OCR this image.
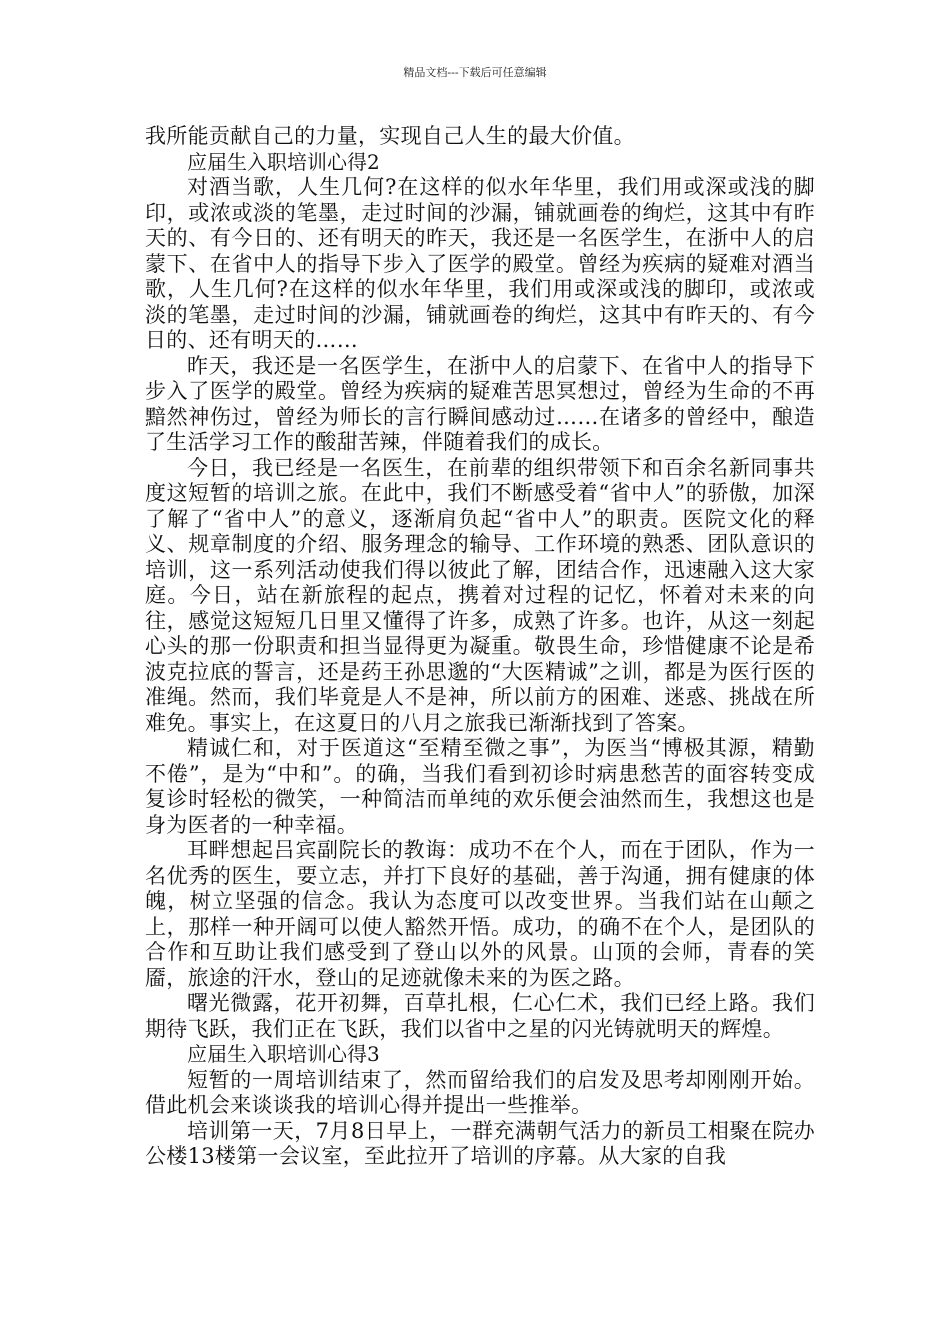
精品文档---下载后可任意编辑

我所能贡献自己的力量，实现自己人生的最大价值。

应届生入职培训心得2

对酒当歌，人生几何?在这样的似水年华里，我们用或深或浅的脚印，或浓或淡的笔墨，走过时间的沙漏，铺就画卷的绚烂，这其中有昨天的、有今日的、还有明天的昨天，我还是一名医学生，在浙中人的启蒙下、在省中人的指导下步入了医学的殿堂。曾经为疾病的疑难对酒当歌，人生几何?在这样的似水年华里，我们用或深或浅的脚印，或浓或淡的笔墨，走过时间的沙漏，铺就画卷的绚烂，这其中有昨天的、有今日的、还有明天的……

昨天，我还是一名医学生，在浙中人的启蒙下、在省中人的指导下步入了医学的殿堂。曾经为疾病的疑难苦思冥想过，曾经为生命的不再黯然神伤过，曾经为师长的言行瞬间感动过……在诸多的曾经中，酿造了生活学习工作的酸甜苦辣，伴随着我们的成长。

今日，我已经是一名医生，在前辈的组织带领下和百余名新同事共度这短暂的培训之旅。在此中，我们不断感受着“省中人”的骄傲，加深了解了“省中人”的意义，逐渐肩负起“省中人”的职责。医院文化的释义、规章制度的介绍、服务理念的输导、工作环境的熟悉、团队意识的培训，这一系列活动使我们得以彼此了解，团结合作，迅速融入这大家庭。今日，站在新旅程的起点，携着对过程的记忆，怀着对未来的向往，感觉这短短几日里又懂得了许多，成熟了许多。也许，从这一刻起心头的那一份职责和担当显得更为凝重。敬畏生命，珍惜健康不论是希波克拉底的誓言，还是药王孙思邈的“大医精诚”之训，都是为医行医的准绳。然而，我们毕竟是人不是神，所以前方的困难、迷惑、挑战在所难免。事实上，在这夏日的八月之旅我已渐渐找到了答案。

精诚仁和，对于医道这“至精至微之事”，为医当“博极其源，精勤不倦”，是为“中和”。的确，当我们看到初诊时病患愁苦的面容转变成复诊时轻松的微笑，一种简洁而单纯的欢乐便会油然而生，我想这也是身为医者的一种幸福。

耳畔想起吕宾副院长的教诲：成功不在个人，而在于团队，作为一名优秀的医生，要立志，并打下良好的基础，善于沟通，拥有健康的体魄，树立坚强的信念。我认为态度可以改变世界。当我们站在山颠之上，那样一种开阔可以使人豁然开悟。成功，的确不在个人，是团队的合作和互助让我们感受到了登山以外的风景。山顶的会师，青春的笑靥，旅途的汗水，登山的足迹就像未来的为医之路。

曙光微露，花开初舞，百草扎根，仁心仁术，我们已经上路。我们期待飞跃，我们正在飞跃，我们以省中之星的闪光铸就明天的辉煌。

应届生入职培训心得3

短暂的一周培训结束了，然而留给我们的启发及思考却刚刚开始。借此机会来谈谈我的培训心得并提出一些推举。

培训第一天，7月8日早上，一群充满朝气活力的新员工相聚在院办公楼13楼第一会议室，至此拉开了培训的序幕。从大家的自我
